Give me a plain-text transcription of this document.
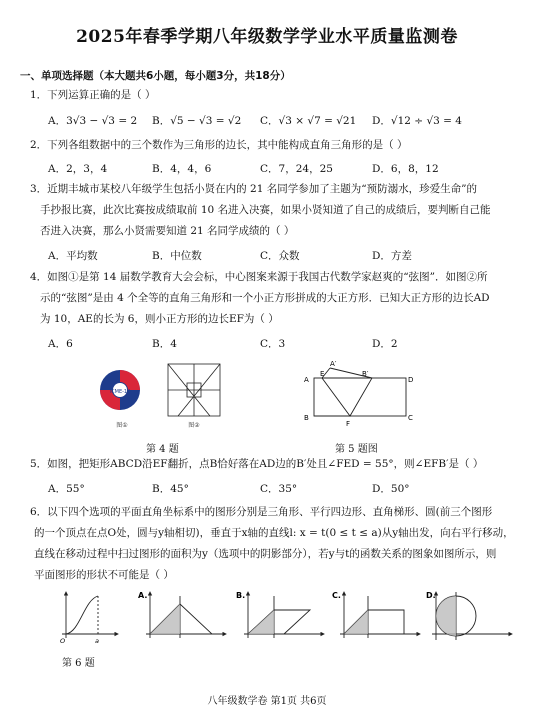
2025年春季学期八年级数学学业水平质量监测卷
一、单项选择题（本大题共6小题，每小题3分，共18分）
1．下列运算正确的是（ ）
A．3√3 − √3 = 2 B．√5 − √3 = √2 C．√3 × √7 = √21 D．√12 ÷ √3 = 4
2．下列各组数据中的三个数作为三角形的边长，其中能构成直角三角形的是（ ）
A．2，3，4	B．4，4，6	C．7，24，25	D．6，8，12
3．近期丰城市某校八年级学生包括小贤在内的 21 名同学参加了主题为“预防溺水，珍爱生命”的
手抄报比赛，此次比赛按成绩取前 10 名进入决赛，如果小贤知道了自己的成绩后，要判断自己能
否进入决赛，那么小贤需要知道 21 名同学成绩的（ ）
A．平均数	B．中位数	C．众数	D．方差
4．如图①是第 14 届数学教育大会会标，中心图案来源于我国古代数学家赵爽的“弦图”．如图②所
示的“弦图”是由 4 个全等的直角三角形和一个小正方形拼成的大正方形．已知大正方形的边长AD
为 10，AE的长为 6，则小正方形的边长EF为（ ）
A．6	B．4	C．3	D．2
ICME-14
图①	图②
第 4 题
A′
A
E	B′
D
B
F
C
第 5 题图
5．如图，把矩形ABCD沿EF翻折，点B恰好落在AD边的B′处且∠FED = 55°，则∠EFB′是（ ）
A．55°	B．45°	C．35°	D．50°
6．以下四个选项的平面直角坐标系中的图形分别是三角形、平行四边形、直角梯形、圆(前三个图形
的一个顶点在点O处，圆与y轴相切)，垂直于x轴的直线l: x = t(0 ≤ t ≤ a)从y轴出发，向右平行移动，
直线在移动过程中扫过图形的面积为y（选项中的阴影部分），若y与t的函数关系的图象如图所示，则
平面图形的形状不可能是（ ）
O	a
A.	B.	C.	D.
第 6 题
八年级数学卷 第1页 共6页
